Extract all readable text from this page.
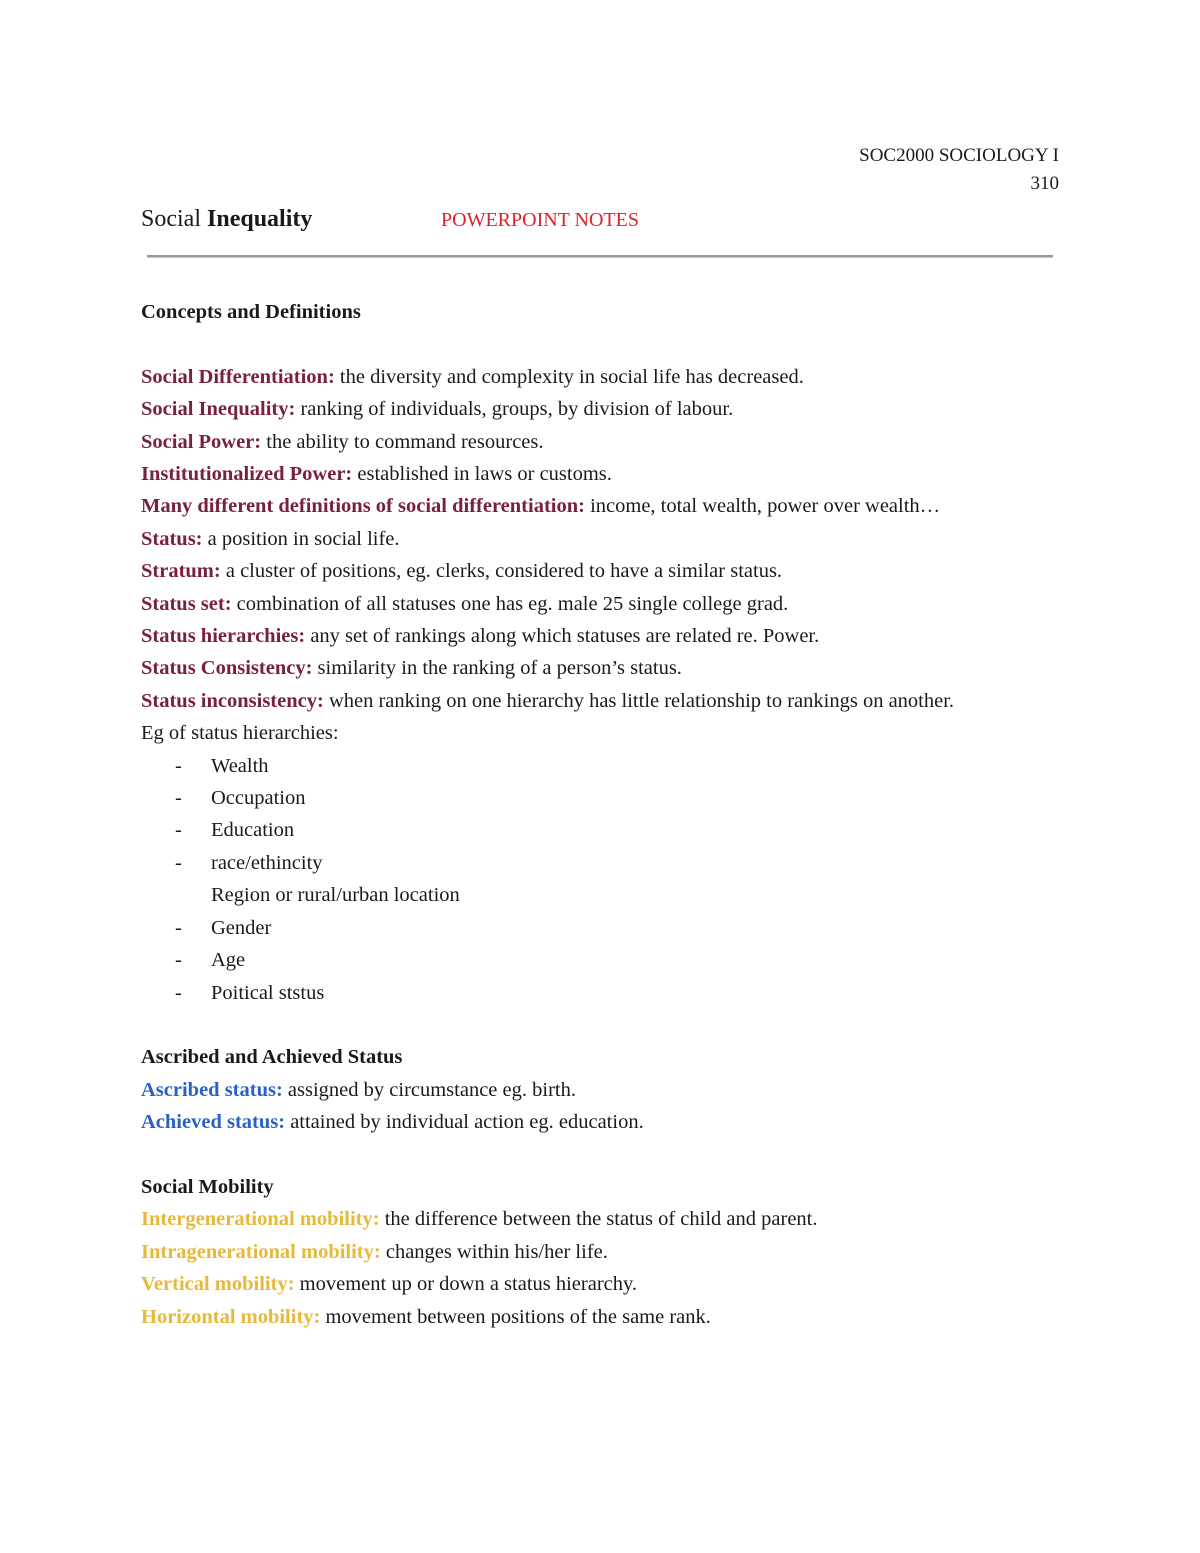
SOC2000 SOCIOLOGY I
310
Social Inequality	POWERPOINT NOTES

Concepts and Definitions

Social Differentiation: the diversity and complexity in social life has decreased.

Social Inequality: ranking of individuals, groups, by division of labour.

Social Power: the ability to command resources.

Institutionalized Power: established in laws or customs.

Many different definitions of social differentiation: income, total wealth, power over wealth…

Status: a position in social life.

Stratum: a cluster of positions, eg. clerks, considered to have a similar status.

Status set: combination of all statuses one has eg. male 25 single college grad.

Status hierarchies: any set of rankings along which statuses are related re. Power.

Status Consistency: similarity in the ranking of a person’s status.

Status inconsistency: when ranking on one hierarchy has little relationship to rankings on another.

Eg of status hierarchies:

- Wealth
- Occupation
- Education
- race/ethincity
Region or rural/urban location
- Gender
- Age
- Poitical ststus

Ascribed and Achieved Status

Ascribed status: assigned by circumstance eg. birth.

Achieved status: attained by individual action eg. education.

Social Mobility

Intergenerational mobility: the difference between the status of child and parent.

Intragenerational mobility: changes within his/her life.

Vertical mobility: movement up or down a status hierarchy.

Horizontal mobility: movement between positions of the same rank.
